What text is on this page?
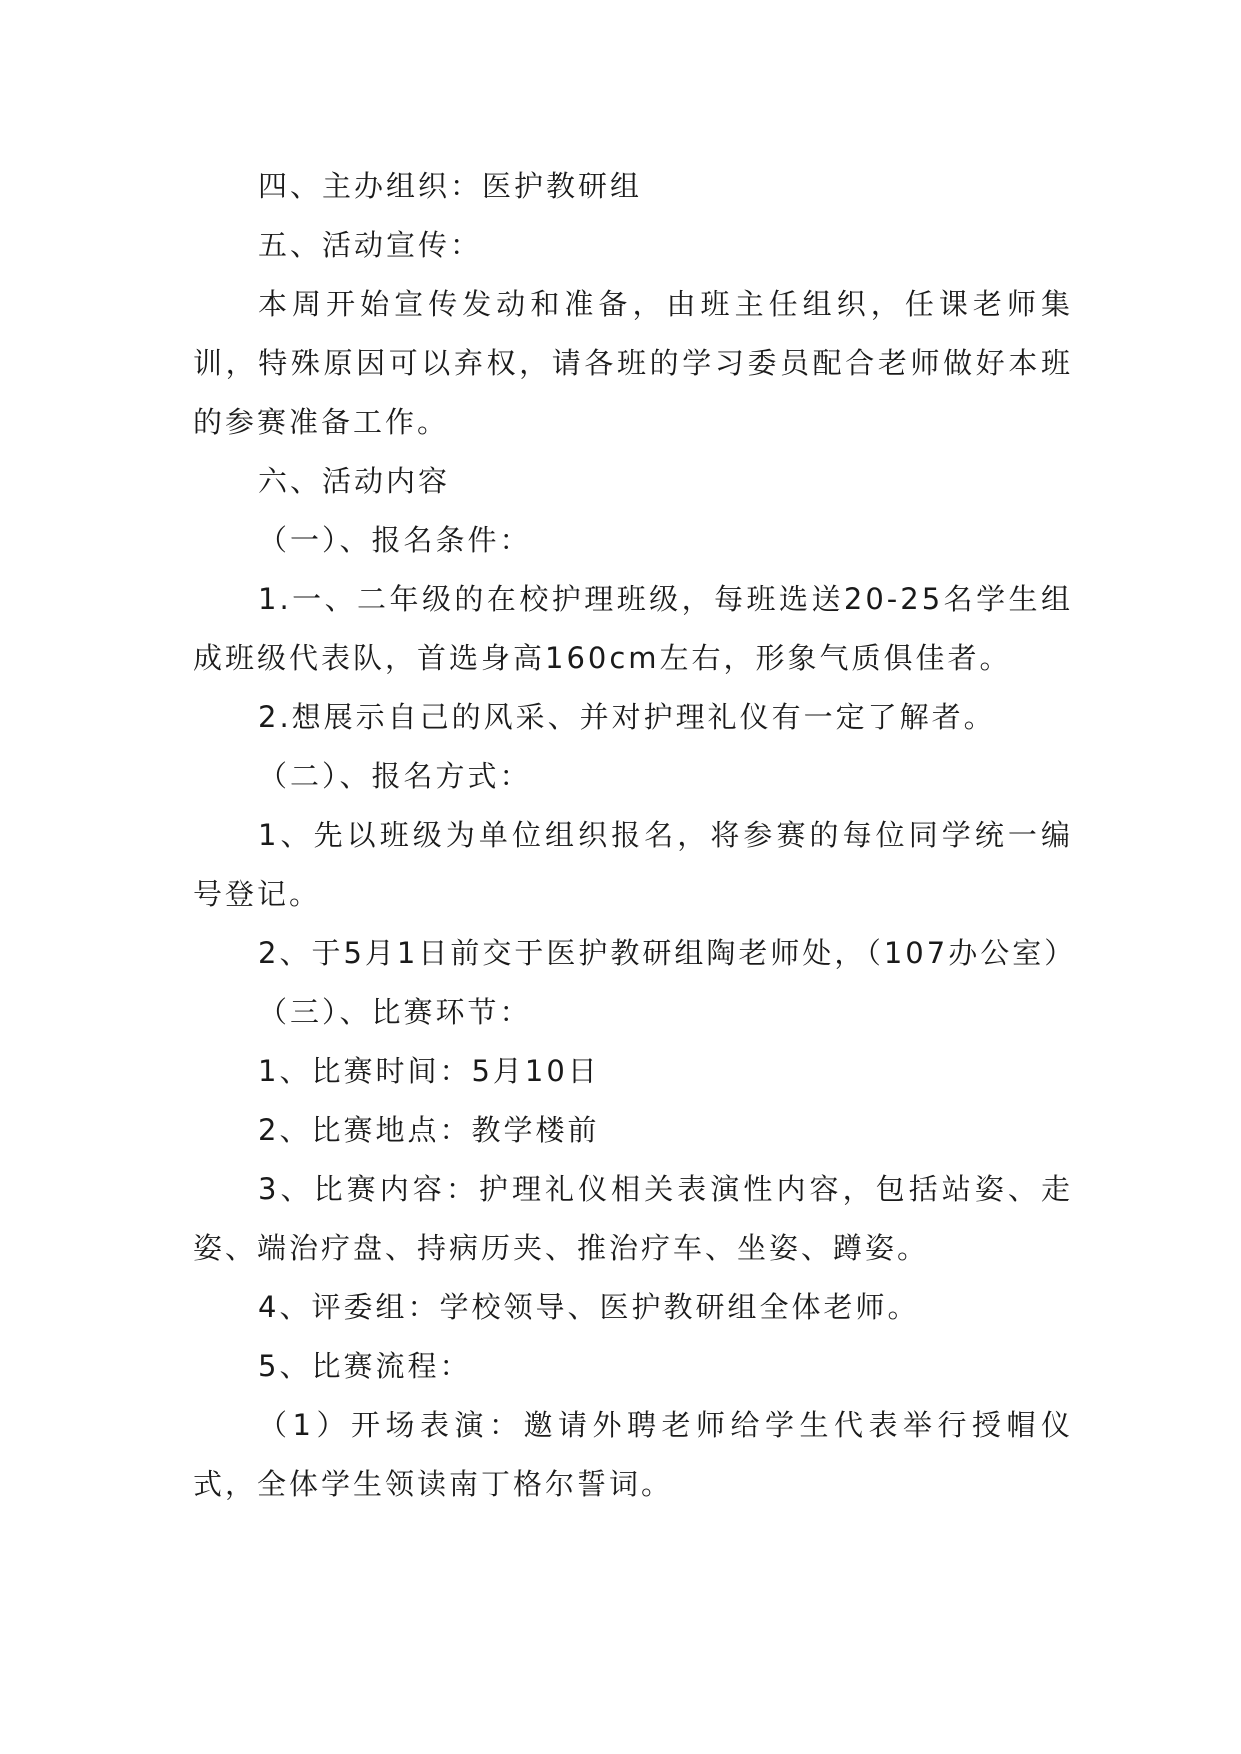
四、主办组织：医护教研组

五、活动宣传：

本周开始宣传发动和准备，由班主任组织，任课老师集训，特殊原因可以弃权，请各班的学习委员配合老师做好本班的参赛准备工作。

六、活动内容

（一）、报名条件：

1.一、二年级的在校护理班级，每班选送20-25名学生组成班级代表队，首选身高160cm左右，形象气质俱佳者。

2.想展示自己的风采、并对护理礼仪有一定了解者。

（二）、报名方式：

1、先以班级为单位组织报名，将参赛的每位同学统一编号登记。

2、于5月1日前交于医护教研组陶老师处，（107办公室）

（三）、比赛环节：

1、比赛时间：5月10日

2、比赛地点：教学楼前

3、比赛内容：护理礼仪相关表演性内容，包括站姿、走姿、端治疗盘、持病历夹、推治疗车、坐姿、蹲姿。

4、评委组：学校领导、医护教研组全体老师。

5、比赛流程：

（1）开场表演：邀请外聘老师给学生代表举行授帽仪式，全体学生领读南丁格尔誓词。
